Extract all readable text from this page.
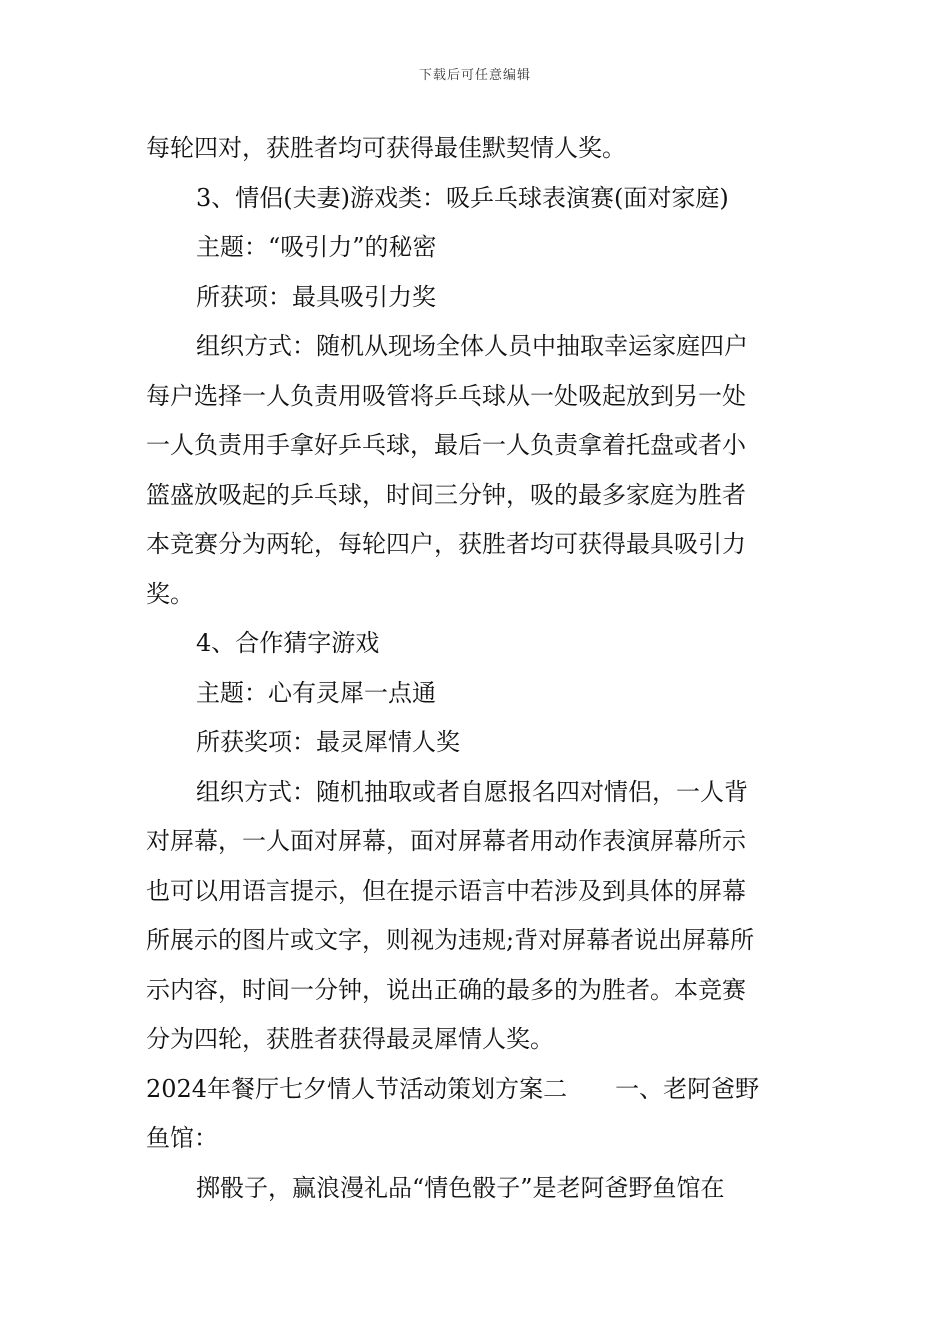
下载后可任意编辑
每轮四对，获胜者均可获得最佳默契情人奖。
3、情侣(夫妻)游戏类：吸乒乓球表演赛(面对家庭)
主题：“吸引力”的秘密
所获项：最具吸引力奖
组织方式：随机从现场全体人员中抽取幸运家庭四户
每户选择一人负责用吸管将乒乓球从一处吸起放到另一处
一人负责用手拿好乒乓球，最后一人负责拿着托盘或者小
篮盛放吸起的乒乓球，时间三分钟，吸的最多家庭为胜者
本竞赛分为两轮，每轮四户，获胜者均可获得最具吸引力
奖。
4、合作猜字游戏
主题：心有灵犀一点通
所获奖项：最灵犀情人奖
组织方式：随机抽取或者自愿报名四对情侣，一人背
对屏幕，一人面对屏幕，面对屏幕者用动作表演屏幕所示
也可以用语言提示，但在提示语言中若涉及到具体的屏幕
所展示的图片或文字，则视为违规;背对屏幕者说出屏幕所
示内容，时间一分钟，说出正确的最多的为胜者。本竞赛
分为四轮，获胜者获得最灵犀情人奖。
2024年餐厅七夕情人节活动策划方案二 一、老阿爸野
鱼馆：
掷骰子，赢浪漫礼品“情色骰子”是老阿爸野鱼馆在
